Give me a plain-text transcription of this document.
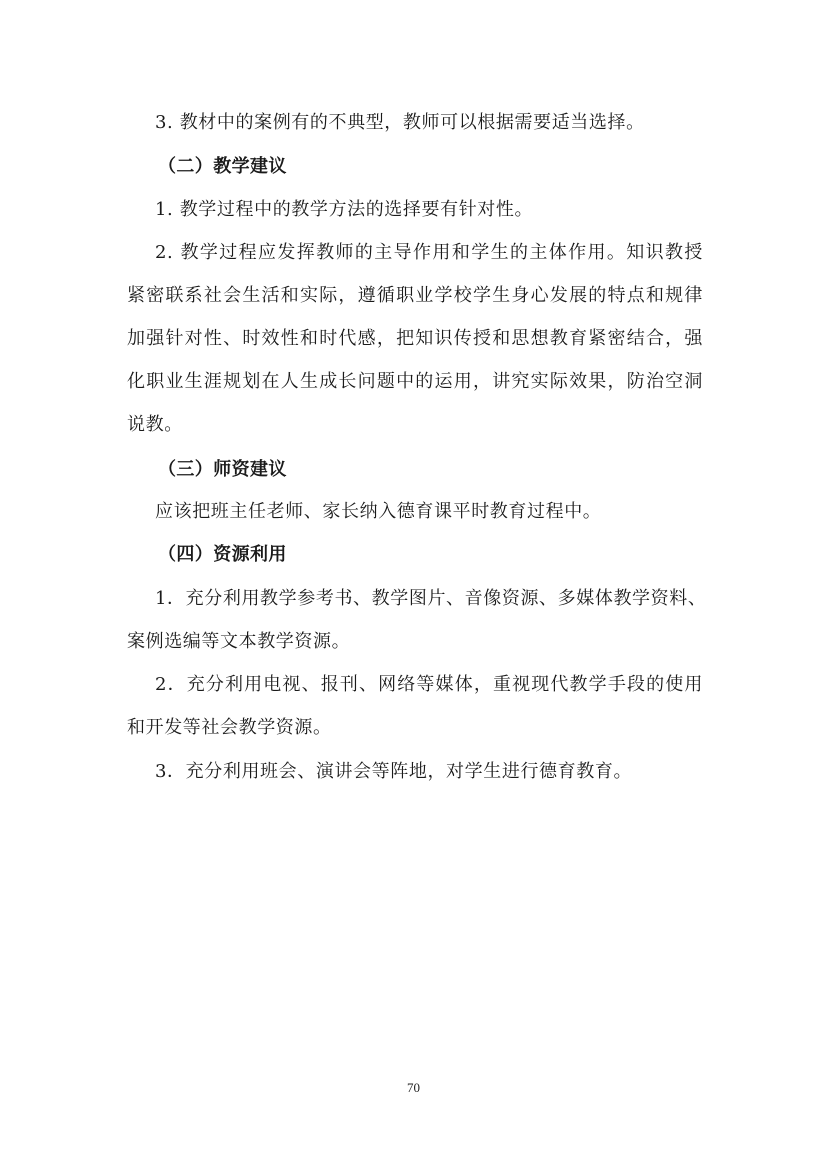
3. 教材中的案例有的不典型，教师可以根据需要适当选择。
（二）教学建议
1. 教学过程中的教学方法的选择要有针对性。
2. 教学过程应发挥教师的主导作用和学生的主体作用。知识教授
紧密联系社会生活和实际，遵循职业学校学生身心发展的特点和规律
加强针对性、时效性和时代感，把知识传授和思想教育紧密结合，强
化职业生涯规划在人生成长问题中的运用，讲究实际效果，防治空洞
说教。
（三）师资建议
应该把班主任老师、家长纳入德育课平时教育过程中。
（四）资源利用
1．充分利用教学参考书、教学图片、音像资源、多媒体教学资料、
案例选编等文本教学资源。
2．充分利用电视、报刊、网络等媒体，重视现代教学手段的使用
和开发等社会教学资源。
3．充分利用班会、演讲会等阵地，对学生进行德育教育。
70
